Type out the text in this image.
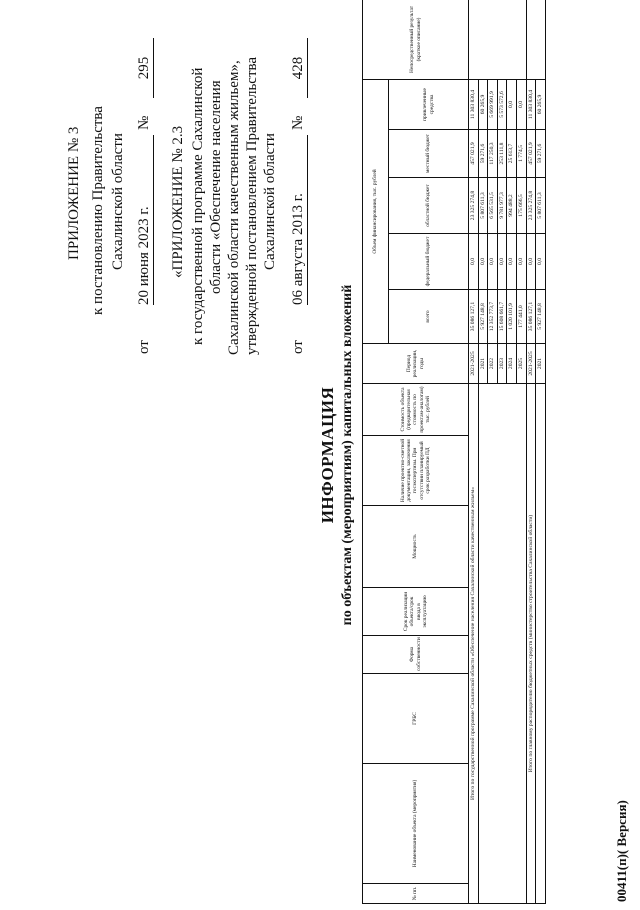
ПРИЛОЖЕНИЕ № 3 к постановлению Правительства Сахалинской области
от
20 июня 2023 г.
№
295
«ПРИЛОЖЕНИЕ № 2.3 к государственной программе Сахалинской области «Обеспечение населения Сахалинской области качественным жильем», утвержденной постановлением Правительства Сахалинской области
от
06 августа 2013 г.
№
428
ИНФОРМАЦИЯ по объектам (мероприятиям) капитальных вложений
№ пп.	Наименование объекта (мероприятия)	ГРБС	Форма собственности	Срок реализации объекта/срок ввода в эксплуатацию	Мощность	Наличие проектно-сметной документации, заключения госэкспертизы. При отсутствии планируемый срок разработки ПД	Стоимость объекта (предварительная стоимость по проектам-аналогам) тыс. рублей	Период реализации, годы	Объем финансирования, тыс. рублей					Непосредственный результат (краткое описание)
									всего	федеральный бюджет	областной бюджет	местный бюджет	привлеченные средства	
Итого по государственной программе Сахалинской области «Обеспечение населения Сахалинской области качественным жильем»								2021-2025	35 086 127,1	0,0	23 325 274,8	457 021,9	11 303 830,4	
								2021	5 927 148,8	0,0	5 807 611,3	59 271,6	60 265,9	
								2022	12 352 773,7	0,0	6 565 531,5	117 250,3	5 669 991,9	
								2023	15 608 661,7	0,0	9 781 977,3	253 111,8	5 573 572,6	
								2024	1 020 101,9	0,0	994 488,2	25 613,7	0,0	
								2025	177 441,0	0,0	175 666,5	1 774,5	0,0	
Итого по главному распорядителю бюджетных средств (министерство строительства Сахалинской области)								2021-2025	35 086 127,1	0,0	23 325 274,8	457 021,9	11 303 830,4	
								2021	5 927 148,8	0,0	5 807 611,3	59 271,6	60 265,9	
00411(п)( Версия)
